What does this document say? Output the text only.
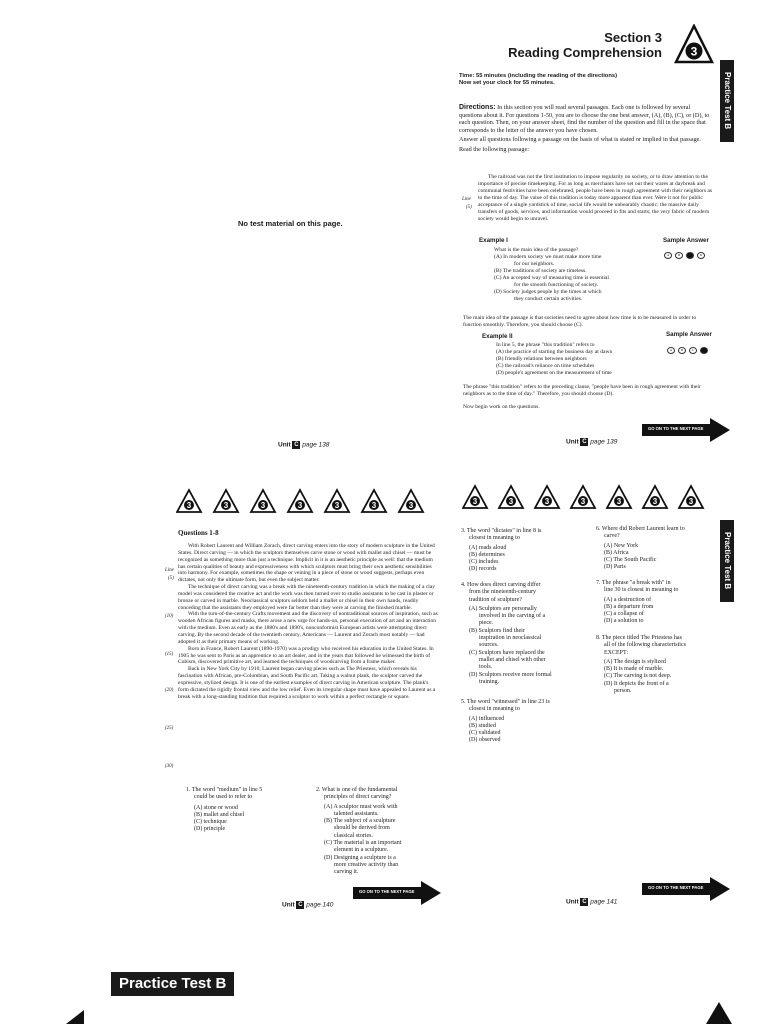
No test material on this page.
Unit C page 138
Section 3
Reading Comprehension 3
Practice Test B
Time: 55 minutes (including the reading of the directions)
Now set your clock for 55 minutes.
Directions: In this section you will read several passages. Each one is followed by several questions about it. For questions 1-50, you are to choose the one best answer, (A), (B), (C), or (D), to each question. Then, on your answer sheet, find the number of the question and fill in the space that corresponds to the letter of the answer you have chosen.
Answer all questions following a passage on the basis of what is stated or implied in that passage.
Read the following passage:
The railroad was not the first institution to impose regularity on society, or to draw attention to the importance of precise timekeeping. For as long as merchants have set out their wares at daybreak and communal festivities have been celebrated, people have been in rough agreement with their neighbors as to the time of day. The value of this tradition is today more apparent than ever. Were it not for public acceptance of a single yardstick of time, social life would be unbearably chaotic: the massive daily transfers of goods, services, and information would proceed in fits and starts; the very fabric of modern society would begin to unravel.
Line
(5)
Example I	Sample Answer
A B C D
What is the main idea of the passage?
(A) In modern society we must make more time
for our neighbors.
(B) The traditions of society are timeless.
(C) An accepted way of measuring time is essential
for the smooth functioning of society.
(D) Society judges people by the times at which
they conduct certain activities.
The main idea of the passage is that societies need to agree about how time is to be measured in order to function smoothly. Therefore, you should choose (C).
Example II	Sample Answer
A B C D
In line 5, the phrase "this tradition" refers to
(A) the practice of starting the business day at dawn
(B) friendly relations between neighbors
(C) the railroad's reliance on time schedules
(D) people's agreement on the measurement of time
The phrase "this tradition" refers to the preceding clause, "people have been in rough agreement with their neighbors as to the time of day." Therefore, you should choose (D).
Now begin work on the questions.
GO ON TO THE NEXT PAGE
Unit C page 139
3	3	3	3	3	3	3
Questions 1-8

With Robert Laurent and William Zorach, direct carving enters into the story of modern sculpture in the United States. Direct carving — in which the sculptors themselves carve stone or wood with mallet and chisel — must be recognized as something more than just a technique. Implicit in it is an aesthetic principle as well: that the medium has certain qualities of beauty and expressiveness with which sculptors must bring their own aesthetic sensibilities into harmony. For example, sometimes the shape or veining in a piece of stone or wood suggests, perhaps even dictates, not only the ultimate form, but even the subject matter.

The technique of direct carving was a break with the nineteenth-century tradition in which the making of a clay model was considered the creative act and the work was then turned over to studio assistants to be cast in plaster or bronze or carved in marble. Neoclassical sculptors seldom held a mallet or chisel in their own hands, readily conceding that the assistants they employed were far better than they were at carving the finished marble.

With the turn-of-the-century Crafts movement and the discovery of nontraditional sources of inspiration, such as wooden African figures and masks, there arose a new urge for hands-on, personal execution of art and an interaction with the medium. Even as early as the 1880's and 1890's, nonconformist European artists were attempting direct carving. By the second decade of the twentieth century, Americans — Laurent and Zorach most notably — had adopted it as their primary means of working.

Born in France, Robert Laurent (1890-1970) was a prodigy who received his education in the United States. In 1905 he was sent to Paris as an apprentice to an art dealer, and in the years that followed he witnessed the birth of Cubism, discovered primitive art, and learned the techniques of woodcarving from a frame maker.

Back in New York City by 1910, Laurent began carving pieces such as The Priestess, which reveals his fascination with African, pre-Columbian, and South Pacific art. Taking a walnut plank, the sculptor carved the expressive, stylized design. It is one of the earliest examples of direct carving in American sculpture. The plank's form dictated the rigidly frontal view and the low relief. Even its irregular shape must have appealed to Laurent as a break with a long-standing tradition that required a sculptor to work within a perfect rectangle or square.

Line
(5)
(10)
(15)
(20)
(25)
(30)
1. The word "medium" in line 5
could be used to refer to
(A) stone or wood
(B) mallet and chisel
(C) technique
(D) principle
2. What is one of the fundamental
principles of direct carving?
(A) A sculptor must work with
talented assistants.
(B) The subject of a sculpture
should be derived from
classical stories.
(C) The material is an important
element in a sculpture.
(D) Designing a sculpture is a
more creative activity than
carving it.
GO ON TO THE NEXT PAGE
Unit C page 140
3	3	3	3	3	3	3
Practice Test B
3. The word "dictates" in line 8 is
closest in meaning to
(A) reads aloud
(B) determines
(C) includes
(D) records
4. How does direct carving differ
from the nineteenth-century
tradition of sculpture?
(A) Sculptors are personally
involved in the carving of a
piece.
(B) Sculptors find their
inspiration in neoclassical
sources.
(C) Sculptors have replaced the
mallet and chisel with other
tools.
(D) Sculptors receive more formal
training.
5. The word "witnessed" in line 23 is
closest in meaning to
(A) influenced
(B) studied
(C) validated
(D) observed
6. Where did Robert Laurent learn to
carve?
(A) New York
(B) Africa
(C) The South Pacific
(D) Paris
7. The phrase "a break with" in
line 30 is closest in meaning to
(A) a destruction of
(B) a departure from
(C) a collapse of
(D) a solution to
8. The piece titled The Priestess has
all of the following characteristics
EXCEPT:
(A) The design is stylized
(B) It is made of marble.
(C) The carving is not deep.
(D) It depicts the front of a
person.
GO ON TO THE NEXT PAGE
Unit C page 141
Practice Test B
